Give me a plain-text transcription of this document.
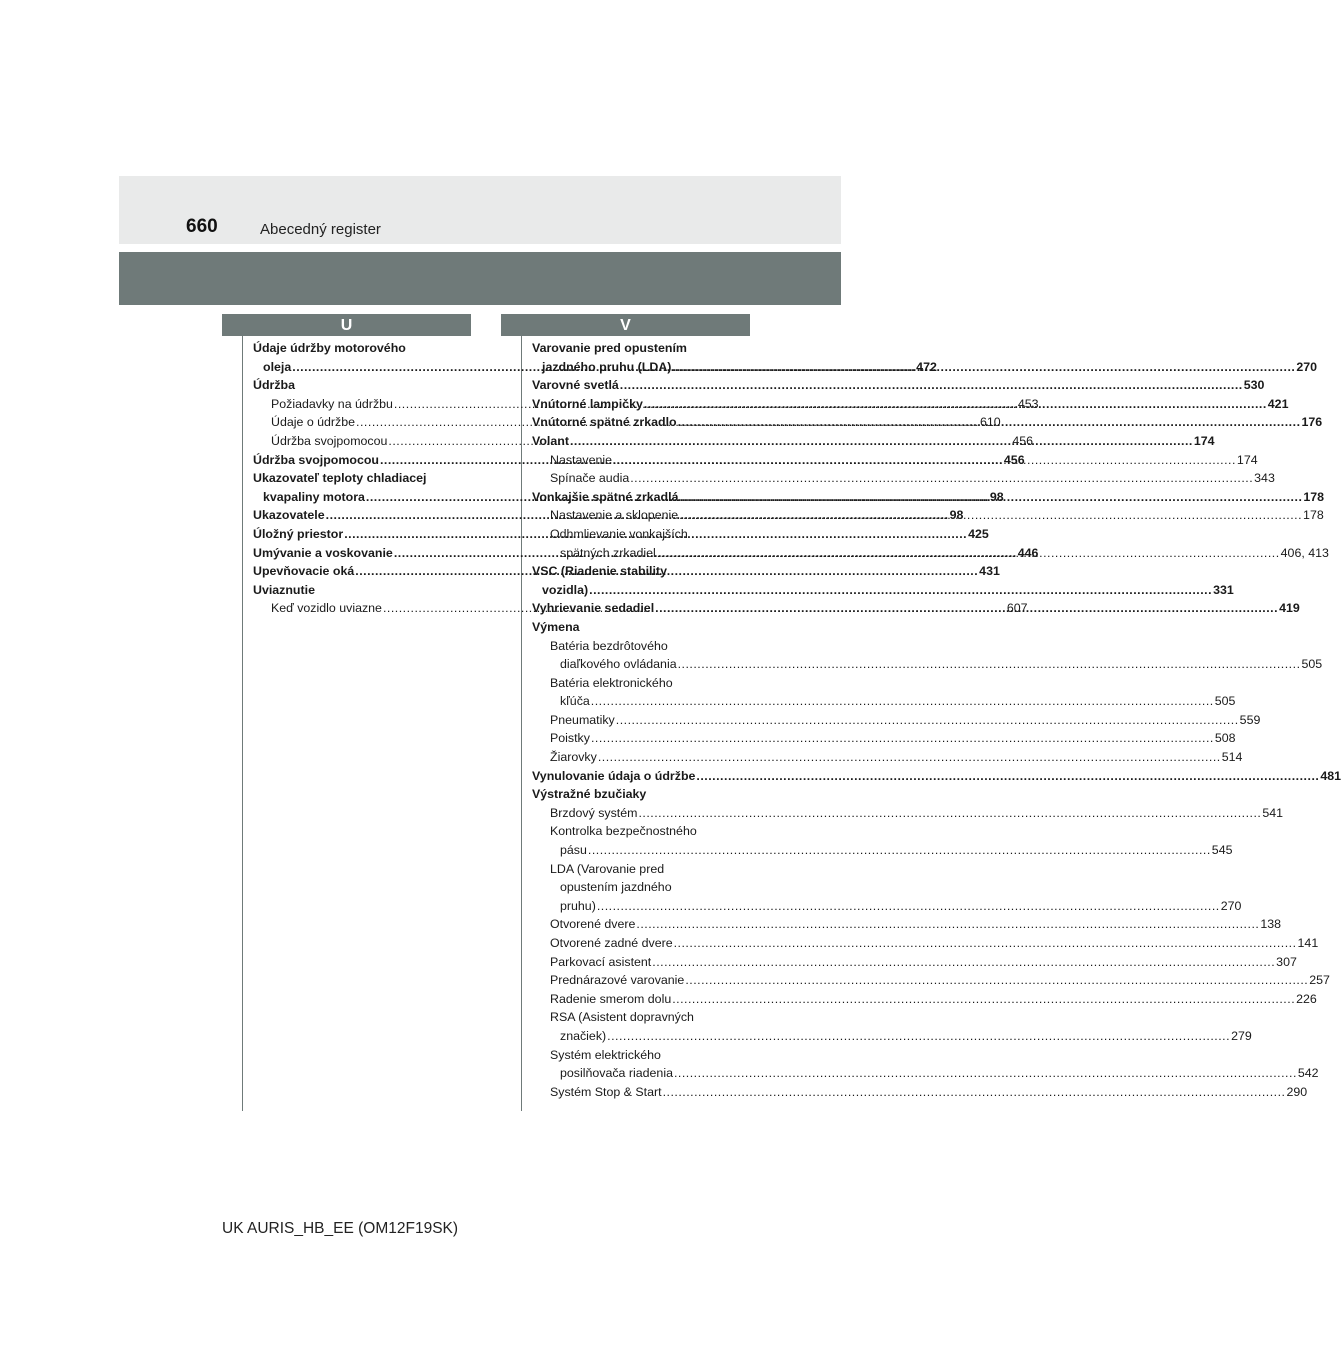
660	Abecedný register
U	V
Údaje údržby motorového
oleja .....	472
Údržba
Požiadavky na údržbu .....	453
Údaje o údržbe .....	610
Údržba svojpomocou .....	456
Údržba svojpomocou .....	456
Ukazovateľ teploty chladiacej
kvapaliny motora .....	98
Ukazovatele .....	98
Úložný priestor .....	425
Umývanie a voskovanie .....	446
Upevňovacie oká .....	431
Uviaznutie
Keď vozidlo uviazne .....	607
Varovanie pred opustením
jazdného pruhu (LDA) .....	270
Varovné svetlá .....	530
Vnútorné lampičky .....	421
Vnútorné spätné zrkadlo .....	176
Volant .....	174
Nastavenie .....	174
Spínače audia .....	343
Vonkajšie spätné zrkadlá .....	178
Nastavenie a sklopenie .....	178
Odhmlievanie vonkajších
spätných zrkadiel .....	406, 413
VSC (Riadenie stability
vozidla) .....	331
Vyhrievanie sedadiel .....	419
Výmena
Batéria bezdrôtového
diaľkového ovládania .....	505
Batéria elektronického
kľúča .....	505
Pneumatiky .....	559
Poistky .....	508
Žiarovky .....	514
Vynulovanie údaja o údržbe .....	481
Výstražné bzučiaky
Brzdový systém .....	541
Kontrolka bezpečnostného
pásu .....	545
LDA (Varovanie pred
opustením jazdného
pruhu) .....	270
Otvorené dvere .....	138
Otvorené zadné dvere .....	141
Parkovací asistent .....	307
Prednárazové varovanie .....	257
Radenie smerom dolu .....	226
RSA (Asistent dopravných
značiek) .....	279
Systém elektrického
posilňovača riadenia .....	542
Systém Stop & Start .....	290
UK AURIS_HB_EE (OM12F19SK)
